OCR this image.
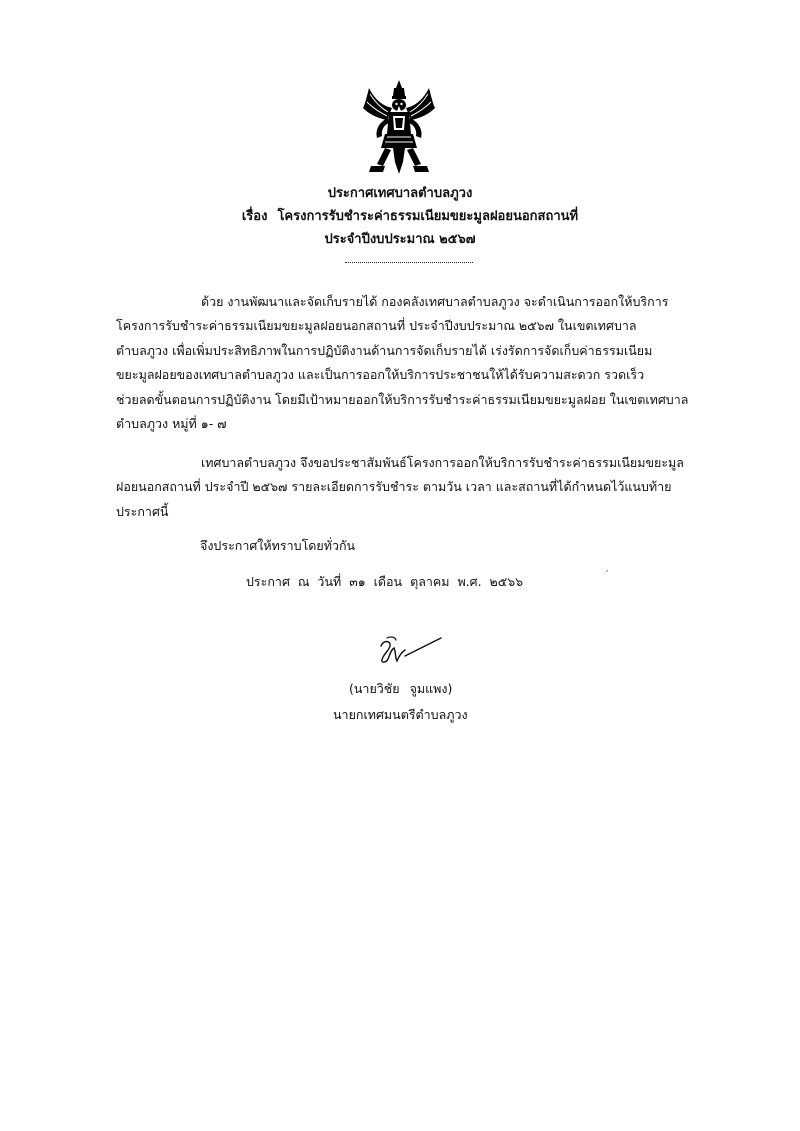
ประกาศเทศบาลตำบลภูวง
เรื่อง โครงการรับชำระค่าธรรมเนียมขยะมูลฝอยนอกสถานที่
ประจำปีงบประมาณ ๒๕๖๗
ด้วย งานพัฒนาและจัดเก็บรายได้ กองคลังเทศบาลตำบลภูวง จะดำเนินการออกให้บริการ
โครงการรับชำระค่าธรรมเนียมขยะมูลฝอยนอกสถานที่ ประจำปีงบประมาณ ๒๕๖๗ ในเขตเทศบาล
ตำบลภูวง เพื่อเพิ่มประสิทธิภาพในการปฏิบัติงานด้านการจัดเก็บรายได้ เร่งรัดการจัดเก็บค่าธรรมเนียม
ขยะมูลฝอยของเทศบาลตำบลภูวง และเป็นการออกให้บริการประชาชนให้ได้รับความสะดวก รวดเร็ว
ช่วยลดขั้นตอนการปฏิบัติงาน โดยมีเป้าหมายออกให้บริการรับชำระค่าธรรมเนียมขยะมูลฝอย ในเขตเทศบาล
ตำบลภูวง หมู่ที่ ๑- ๗
เทศบาลตำบลภูวง จึงขอประชาสัมพันธ์โครงการออกให้บริการรับชำระค่าธรรมเนียมขยะมูล
ฝอยนอกสถานที่ ประจำปี ๒๕๖๗ รายละเอียดการรับชำระ ตามวัน เวลา และสถานที่ได้กำหนดไว้แนบท้าย
ประกาศนี้
จึงประกาศให้ทราบโดยทั่วกัน
ประกาศ ณ วันที่ ๓๑ เดือน ตุลาคม พ.ศ. ๒๕๖๖	ˊ
(นายวิชัย จูมแพง)
นายกเทศมนตรีตำบลภูวง
